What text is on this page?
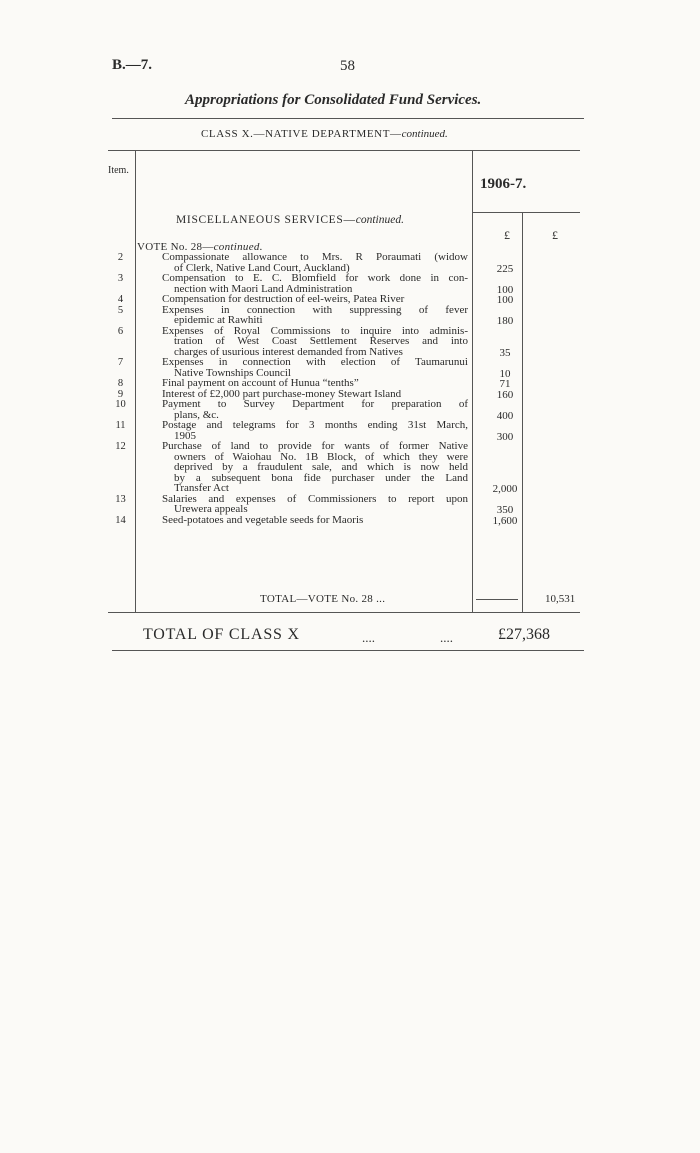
B.—7.	58
Appropriations for Consolidated Fund Services.
CLASS X.—NATIVE DEPARTMENT—continued.
Item.
1906-7.
MISCELLANEOUS SERVICES—continued.
£	£
VOTE No. 28—continued.
2	Compassionate allowance to Mrs. R Poraumati (widow
of Clerk, Native Land Court, Auckland)	225
3	Compensation to E. C. Blomfield for work done in con-
nection with Maori Land Administration	100
4	Compensation for destruction of eel-weirs, Patea River	100
5	Expenses in connection with suppressing of fever
epidemic at Rawhiti	180
6	Expenses of Royal Commissions to inquire into adminis-
tration of West Coast Settlement Reserves and into
charges of usurious interest demanded from Natives	35
7	Expenses in connection with election of Taumarunui
Native Townships Council	10
8	Final payment on account of Hunua “tenths”	71
9	Interest of £2,000 part purchase-money Stewart Island	160
10	Payment to Survey Department for preparation of
plans, &c.	400
11	Postage and telegrams for 3 months ending 31st March,
1905	300
12	Purchase of land to provide for wants of former Native
owners of Waiohau No. 1B Block, of which they were
deprived by a fraudulent sale, and which is now held
by a subsequent bona fide purchaser under the Land
Transfer Act	2,000
13	Salaries and expenses of Commissioners to report upon
Urewera appeals	350
14	Seed-potatoes and vegetable seeds for Maoris	1,600
TOTAL—VOTE No. 28 ...	10,531
TOTAL OF CLASS X	....	....	£27,368
